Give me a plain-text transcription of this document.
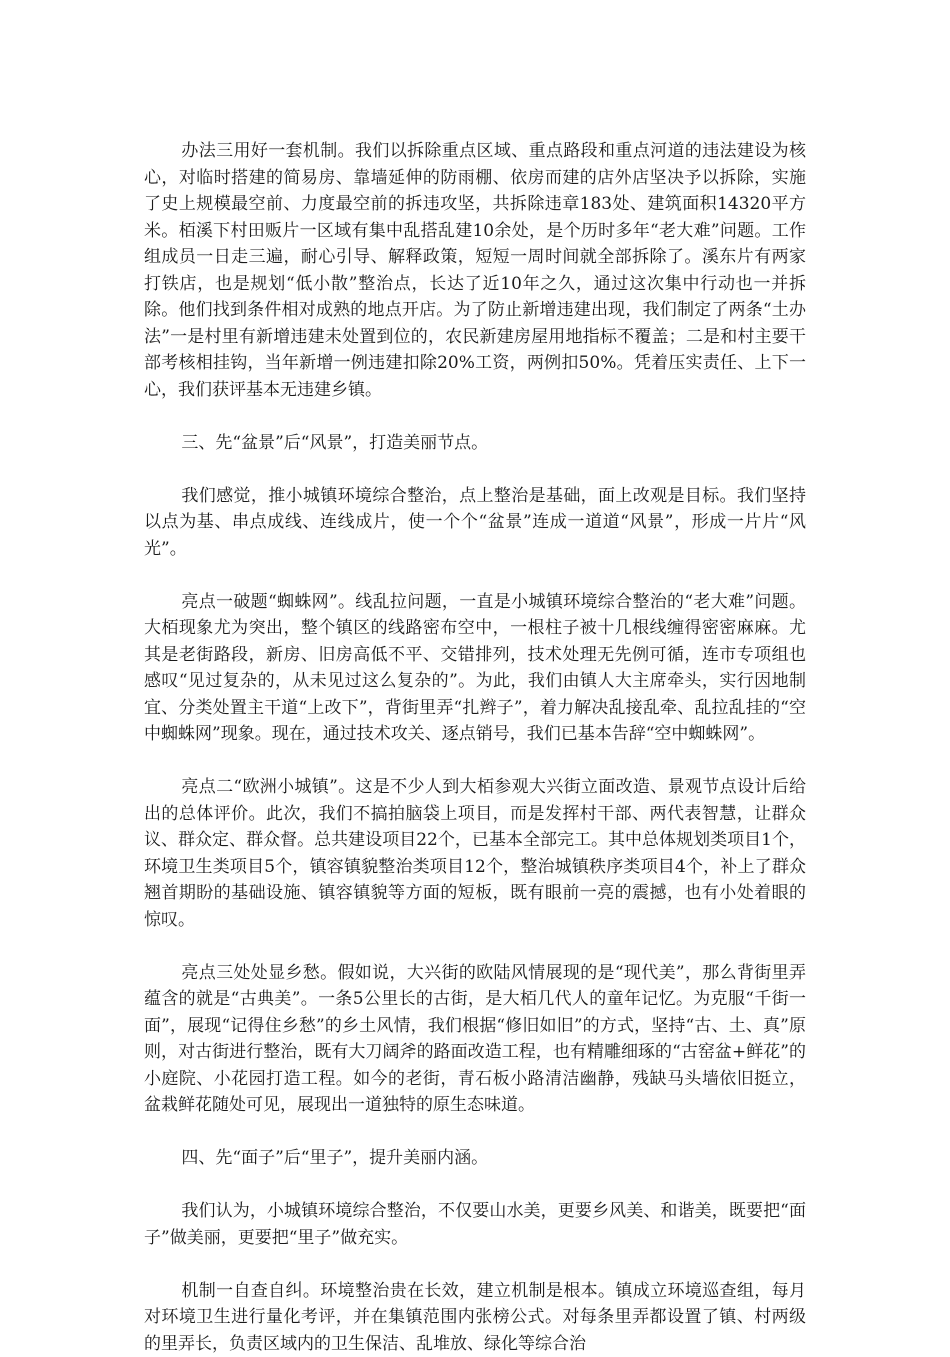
办法三用好一套机制。我们以拆除重点区域、重点路段和重点河道的违法建设为核心，对临时搭建的简易房、靠墙延伸的防雨棚、依房而建的店外店坚决予以拆除，实施了史上规模最空前、力度最空前的拆违攻坚，共拆除违章183处、建筑面积14320平方米。栢溪下村田贩片一区域有集中乱搭乱建10余处，是个历时多年“老大难”问题。工作组成员一日走三遍，耐心引导、解释政策，短短一周时间就全部拆除了。溪东片有两家打铁店，也是规划“低小散”整治点，长达了近10年之久，通过这次集中行动也一并拆除。他们找到条件相对成熟的地点开店。为了防止新增违建出现，我们制定了两条“土办法”一是村里有新增违建未处置到位的，农民新建房屋用地指标不覆盖；二是和村主要干部考核相挂钩，当年新增一例违建扣除20%工资，两例扣50%。凭着压实责任、上下一心，我们获评基本无违建乡镇。

三、先“盆景”后“风景”，打造美丽节点。

我们感觉，推小城镇环境综合整治，点上整治是基础，面上改观是目标。我们坚持以点为基、串点成线、连线成片，使一个个“盆景”连成一道道“风景”，形成一片片“风光”。

亮点一破题“蜘蛛网”。线乱拉问题，一直是小城镇环境综合整治的“老大难”问题。大栢现象尤为突出，整个镇区的线路密布空中，一根柱子被十几根线缠得密密麻麻。尤其是老街路段，新房、旧房高低不平、交错排列，技术处理无先例可循，连市专项组也感叹“见过复杂的，从未见过这么复杂的”。为此，我们由镇人大主席牵头，实行因地制宜、分类处置主干道“上改下”，背街里弄“扎辫子”，着力解决乱接乱牵、乱拉乱挂的“空中蜘蛛网”现象。现在，通过技术攻关、逐点销号，我们已基本告辞“空中蜘蛛网”。

亮点二“欧洲小城镇”。这是不少人到大栢参观大兴街立面改造、景观节点设计后给出的总体评价。此次，我们不搞拍脑袋上项目，而是发挥村干部、两代表智慧，让群众议、群众定、群众督。总共建设项目22个，已基本全部完工。其中总体规划类项目1个，环境卫生类项目5个，镇容镇貌整治类项目12个，整治城镇秩序类项目4个，补上了群众翘首期盼的基础设施、镇容镇貌等方面的短板，既有眼前一亮的震撼，也有小处着眼的惊叹。

亮点三处处显乡愁。假如说，大兴街的欧陆风情展现的是“现代美”，那么背街里弄蕴含的就是“古典美”。一条5公里长的古街，是大栢几代人的童年记忆。为克服“千街一面”，展现“记得住乡愁”的乡土风情，我们根据“修旧如旧”的方式，坚持“古、土、真”原则，对古街进行整治，既有大刀阔斧的路面改造工程，也有精雕细琢的“古窑盆+鲜花”的小庭院、小花园打造工程。如今的老街，青石板小路清洁幽静，残缺马头墙依旧挺立，盆栽鲜花随处可见，展现出一道独特的原生态味道。

四、先“面子”后“里子”，提升美丽内涵。

我们认为，小城镇环境综合整治，不仅要山水美，更要乡风美、和谐美，既要把“面子”做美丽，更要把“里子”做充实。

机制一自查自纠。环境整治贵在长效，建立机制是根本。镇成立环境巡查组，每月对环境卫生进行量化考评，并在集镇范围内张榜公式。对每条里弄都设置了镇、村两级的里弄长，负责区域内的卫生保洁、乱堆放、绿化等综合治
